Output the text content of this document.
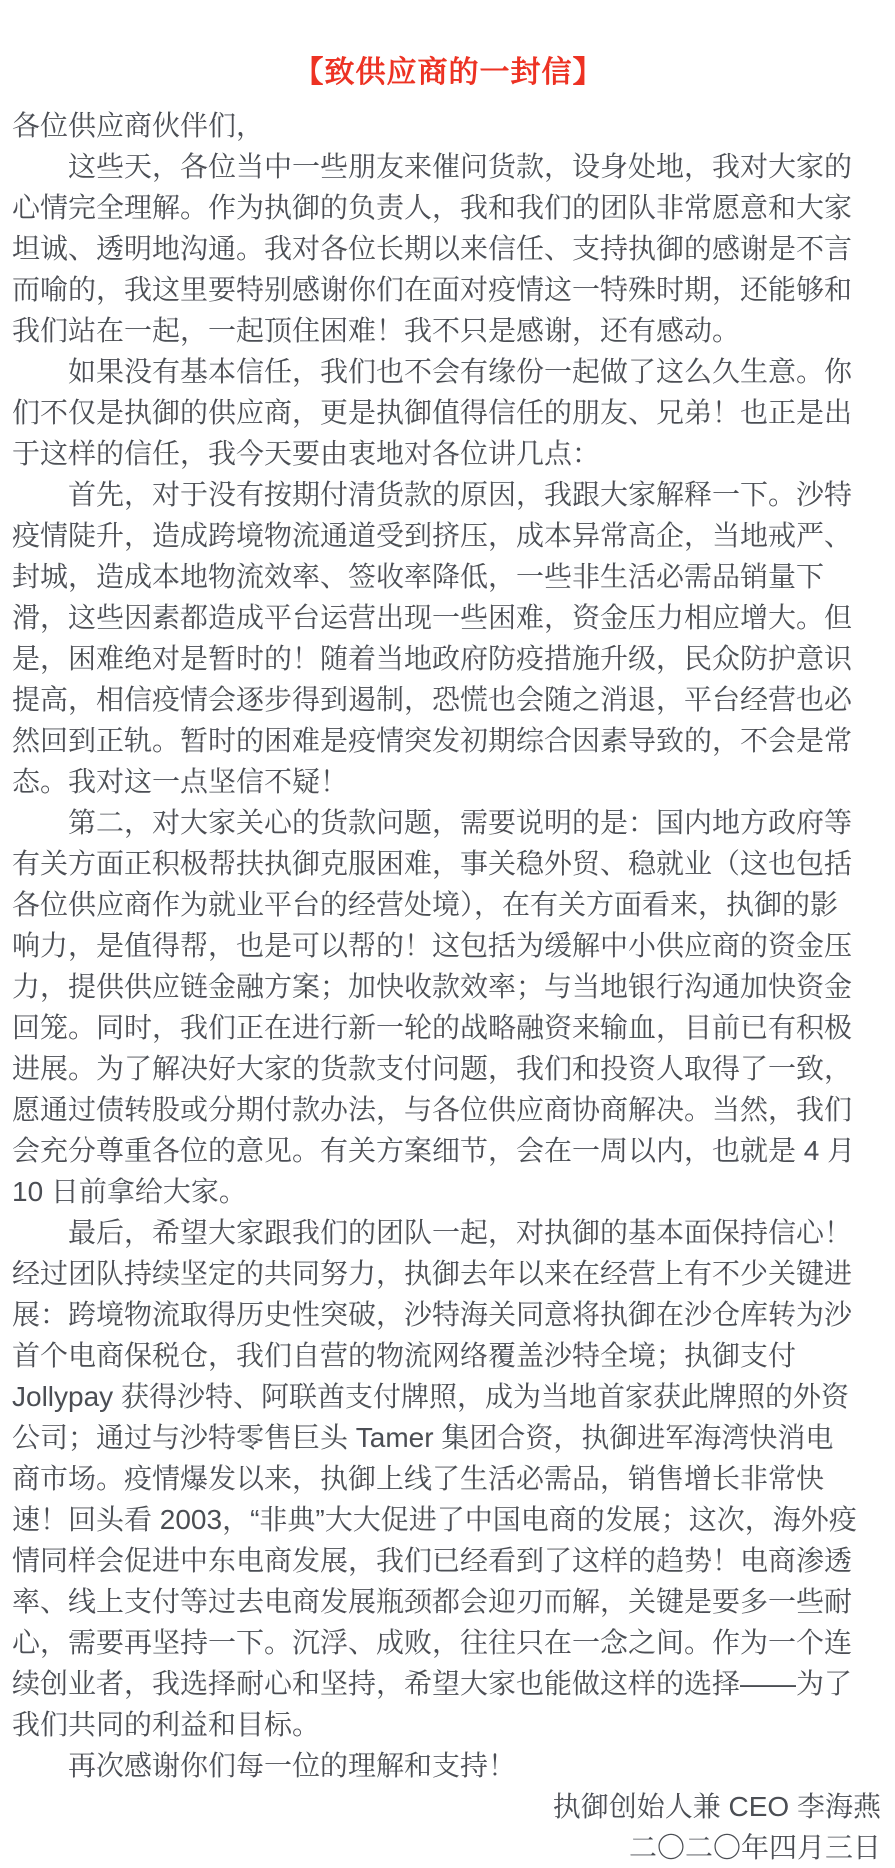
【致供应商的一封信】

各位供应商伙伴们，

这些天，各位当中一些朋友来催问货款，设身处地，我对大家的心情完全理解。作为执御的负责人，我和我们的团队非常愿意和大家坦诚、透明地沟通。我对各位长期以来信任、支持执御的感谢是不言而喻的，我这里要特别感谢你们在面对疫情这一特殊时期，还能够和我们站在一起，一起顶住困难！我不只是感谢，还有感动。

如果没有基本信任，我们也不会有缘份一起做了这么久生意。你们不仅是执御的供应商，更是执御值得信任的朋友、兄弟！也正是出于这样的信任，我今天要由衷地对各位讲几点：

首先，对于没有按期付清货款的原因，我跟大家解释一下。沙特疫情陡升，造成跨境物流通道受到挤压，成本异常高企，当地戒严、封城，造成本地物流效率、签收率降低，一些非生活必需品销量下滑，这些因素都造成平台运营出现一些困难，资金压力相应增大。但是，困难绝对是暂时的！随着当地政府防疫措施升级，民众防护意识提高，相信疫情会逐步得到遏制，恐慌也会随之消退，平台经营也必然回到正轨。暂时的困难是疫情突发初期综合因素导致的，不会是常态。我对这一点坚信不疑！

第二，对大家关心的货款问题，需要说明的是：国内地方政府等有关方面正积极帮扶执御克服困难，事关稳外贸、稳就业（这也包括各位供应商作为就业平台的经营处境），在有关方面看来，执御的影响力，是值得帮，也是可以帮的！这包括为缓解中小供应商的资金压力，提供供应链金融方案；加快收款效率；与当地银行沟通加快资金回笼。同时，我们正在进行新一轮的战略融资来输血，目前已有积极进展。为了解决好大家的货款支付问题，我们和投资人取得了一致，愿通过债转股或分期付款办法，与各位供应商协商解决。当然，我们会充分尊重各位的意见。有关方案细节，会在一周以内，也就是 4 月 10 日前拿给大家。

最后，希望大家跟我们的团队一起，对执御的基本面保持信心！经过团队持续坚定的共同努力，执御去年以来在经营上有不少关键进展：跨境物流取得历史性突破，沙特海关同意将执御在沙仓库转为沙首个电商保税仓，我们自营的物流网络覆盖沙特全境；执御支付Jollypay 获得沙特、阿联酋支付牌照，成为当地首家获此牌照的外资公司；通过与沙特零售巨头 Tamer 集团合资，执御进军海湾快消电商市场。疫情爆发以来，执御上线了生活必需品，销售增长非常快速！回头看 2003，“非典”大大促进了中国电商的发展；这次，海外疫情同样会促进中东电商发展，我们已经看到了这样的趋势！电商渗透率、线上支付等过去电商发展瓶颈都会迎刃而解，关键是要多一些耐心，需要再坚持一下。沉浮、成败，往往只在一念之间。作为一个连续创业者，我选择耐心和坚持，希望大家也能做这样的选择——为了我们共同的利益和目标。

再次感谢你们每一位的理解和支持！

执御创始人兼 CEO 李海燕

二〇二〇年四月三日
